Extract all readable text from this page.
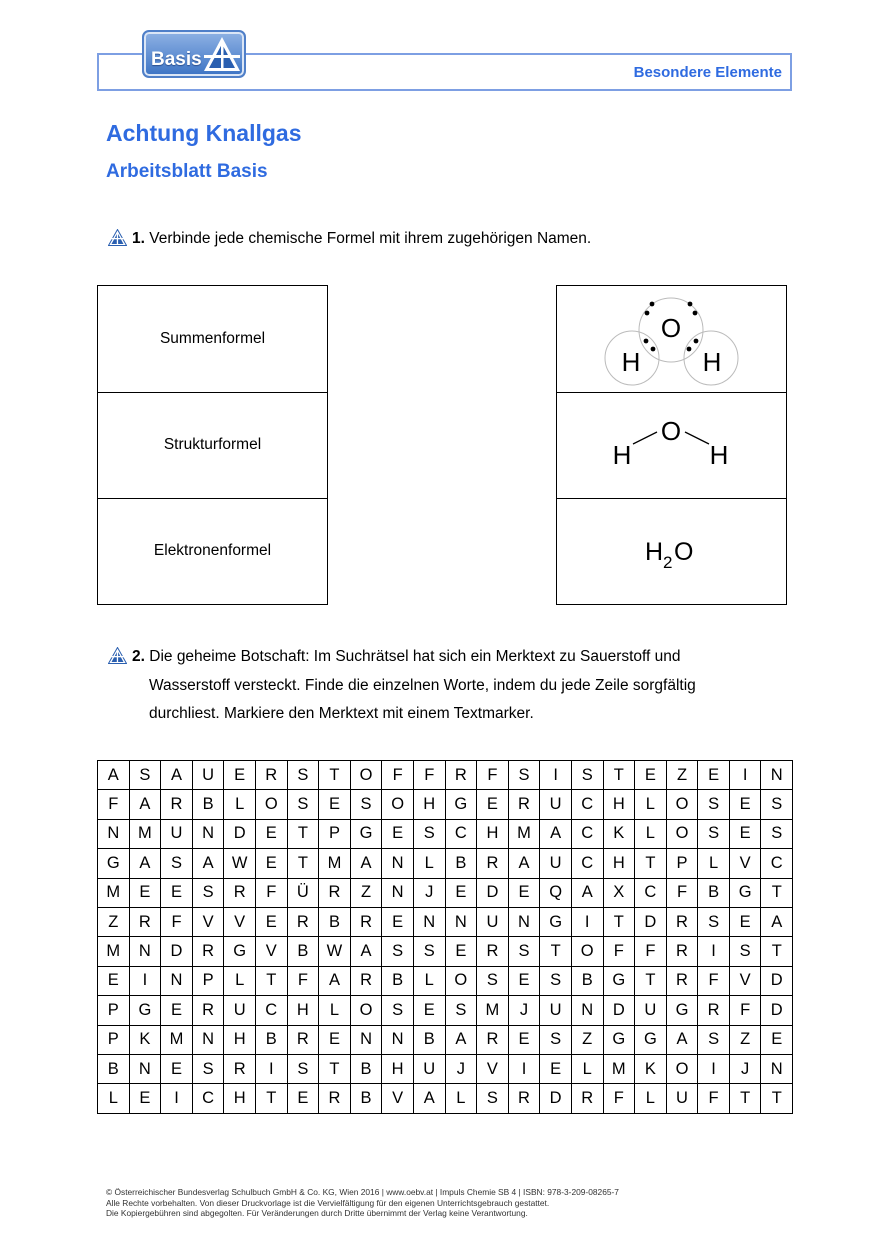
Besondere Elemente
Basis
Achtung Knallgas
Arbeitsblatt Basis
1. Verbinde jede chemische Formel mit ihrem zugehörigen Namen.
Summenformel
Strukturformel
Elektronenformel
O
H H
O
H	H
H 2 O
2. Die geheime Botschaft: Im Suchrätsel hat sich ein Merktext zu Sauerstoff und
Wasserstoff versteckt. Finde die einzelnen Worte, indem du jede Zeile sorgfältig
durchliest. Markiere den Merktext mit einem Textmarker.
A	S	A	U	E	R	S	T	O	F	F	R	F	S	I	S	T	E	Z	E	I	N
F	A	R	B	L	O	S	E	S	O	H	G	E	R	U	C	H	L	O	S	E	S
N	M	U	N	D	E	T	P	G	E	S	C	H	M	A	C	K	L	O	S	E	S
G	A	S	A	W	E	T	M	A	N	L	B	R	A	U	C	H	T	P	L	V	C
M	E	E	S	R	F	Ü	R	Z	N	J	E	D	E	Q	A	X	C	F	B	G	T
Z	R	F	V	V	E	R	B	R	E	N	N	U	N	G	I	T	D	R	S	E	A
M	N	D	R	G	V	B	W	A	S	S	E	R	S	T	O	F	F	R	I	S	T
E	I	N	P	L	T	F	A	R	B	L	O	S	E	S	B	G	T	R	F	V	D
P	G	E	R	U	C	H	L	O	S	E	S	M	J	U	N	D	U	G	R	F	D
P	K	M	N	H	B	R	E	N	N	B	A	R	E	S	Z	G	G	A	S	Z	E
B	N	E	S	R	I	S	T	B	H	U	J	V	I	E	L	M	K	O	I	J	N
L	E	I	C	H	T	E	R	B	V	A	L	S	R	D	R	F	L	U	F	T	T
© Österreichischer Bundesverlag Schulbuch GmbH & Co. KG, Wien 2016 | www.oebv.at | Impuls Chemie SB 4 | ISBN: 978-3-209-08265-7
Alle Rechte vorbehalten. Von dieser Druckvorlage ist die Vervielfältigung für den eigenen Unterrichtsgebrauch gestattet.
Die Kopiergebühren sind abgegolten. Für Veränderungen durch Dritte übernimmt der Verlag keine Verantwortung.
